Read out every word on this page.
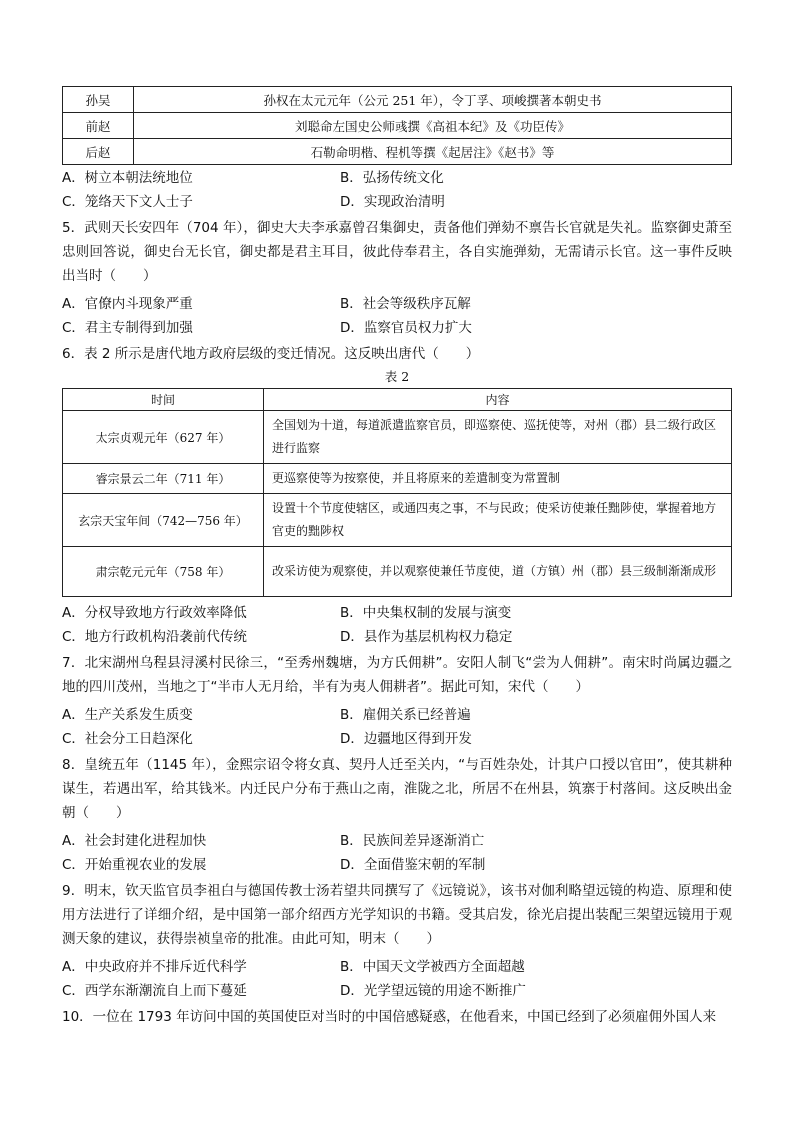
孙吴	孙权在太元元年（公元 251 年），令丁孚、项峻撰著本朝史书
前赵	刘聪命左国史公师彧撰《高祖本纪》及《功臣传》
后赵	石勒命明楷、程机等撰《起居注》《赵书》等
A．树立本朝法统地位	B．弘扬传统文化
C．笼络天下文人士子	D．实现政治清明
5．武则天长安四年（704 年），御史大夫李承嘉曾召集御史，责备他们弹劾不禀告长官就是失礼。监察御史萧至忠则回答说，御史台无长官，御史都是君主耳目，彼此侍奉君主，各自实施弹劾，无需请示长官。这一事件反映出当时（　　）
A．官僚内斗现象严重	B．社会等级秩序瓦解
C．君主专制得到加强	D．监察官员权力扩大
6．表 2 所示是唐代地方政府层级的变迁情况。这反映出唐代（　　）
表 2
时间	内容
太宗贞观元年（627 年）	全国划为十道，每道派遣监察官员，即巡察使、巡抚使等，对州（郡）县二级行政区进行监察
睿宗景云二年（711 年）	更巡察使等为按察使，并且将原来的差遣制变为常置制
玄宗天宝年间（742—756 年）	设置十个节度使辖区，或通四夷之事，不与民政；使采访使兼任黜陟使，掌握着地方官吏的黜陟权
肃宗乾元元年（758 年）	改采访使为观察使，并以观察使兼任节度使，道（方镇）州（郡）县三级制渐渐成形
A．分权导致地方行政效率降低	B．中央集权制的发展与演变
C．地方行政机构沿袭前代传统	D．县作为基层机构权力稳定
7．北宋湖州乌程县浔溪村民徐三，“至秀州魏塘，为方氏佣耕”。安阳人制飞“尝为人佣耕”。南宋时尚属边疆之地的四川茂州，当地之丁“半巿人无月给，半有为夷人佣耕者”。据此可知，宋代（　　）
A．生产关系发生质变	B．雇佣关系已经普遍
C．社会分工日趋深化	D．边疆地区得到开发
8．皇统五年（1145 年），金熙宗诏令将女真、契丹人迁至关内，“与百姓杂处，计其户口授以官田”，使其耕种谋生，若遇出军，给其钱米。内迁民户分布于燕山之南，淮陇之北，所居不在州县，筑寨于村落间。这反映出金朝（　　）
A．社会封建化进程加快	B．民族间差异逐渐消亡
C．开始重视农业的发展	D．全面借鉴宋朝的军制
9．明末，钦天监官员李祖白与德国传教士汤若望共同撰写了《远镜说》，该书对伽利略望远镜的构造、原理和使用方法进行了详细介绍，是中国第一部介绍西方光学知识的书籍。受其启发，徐光启提出装配三架望远镜用于观测天象的建议，获得崇祯皇帝的批准。由此可知，明末（　　）
A．中央政府并不排斥近代科学	B．中国天文学被西方全面超越
C．西学东渐潮流自上而下蔓延	D．光学望远镜的用途不断推广
10．一位在 1793 年访问中国的英国使臣对当时的中国倍感疑惑，在他看来，中国已经到了必须雇佣外国人来
